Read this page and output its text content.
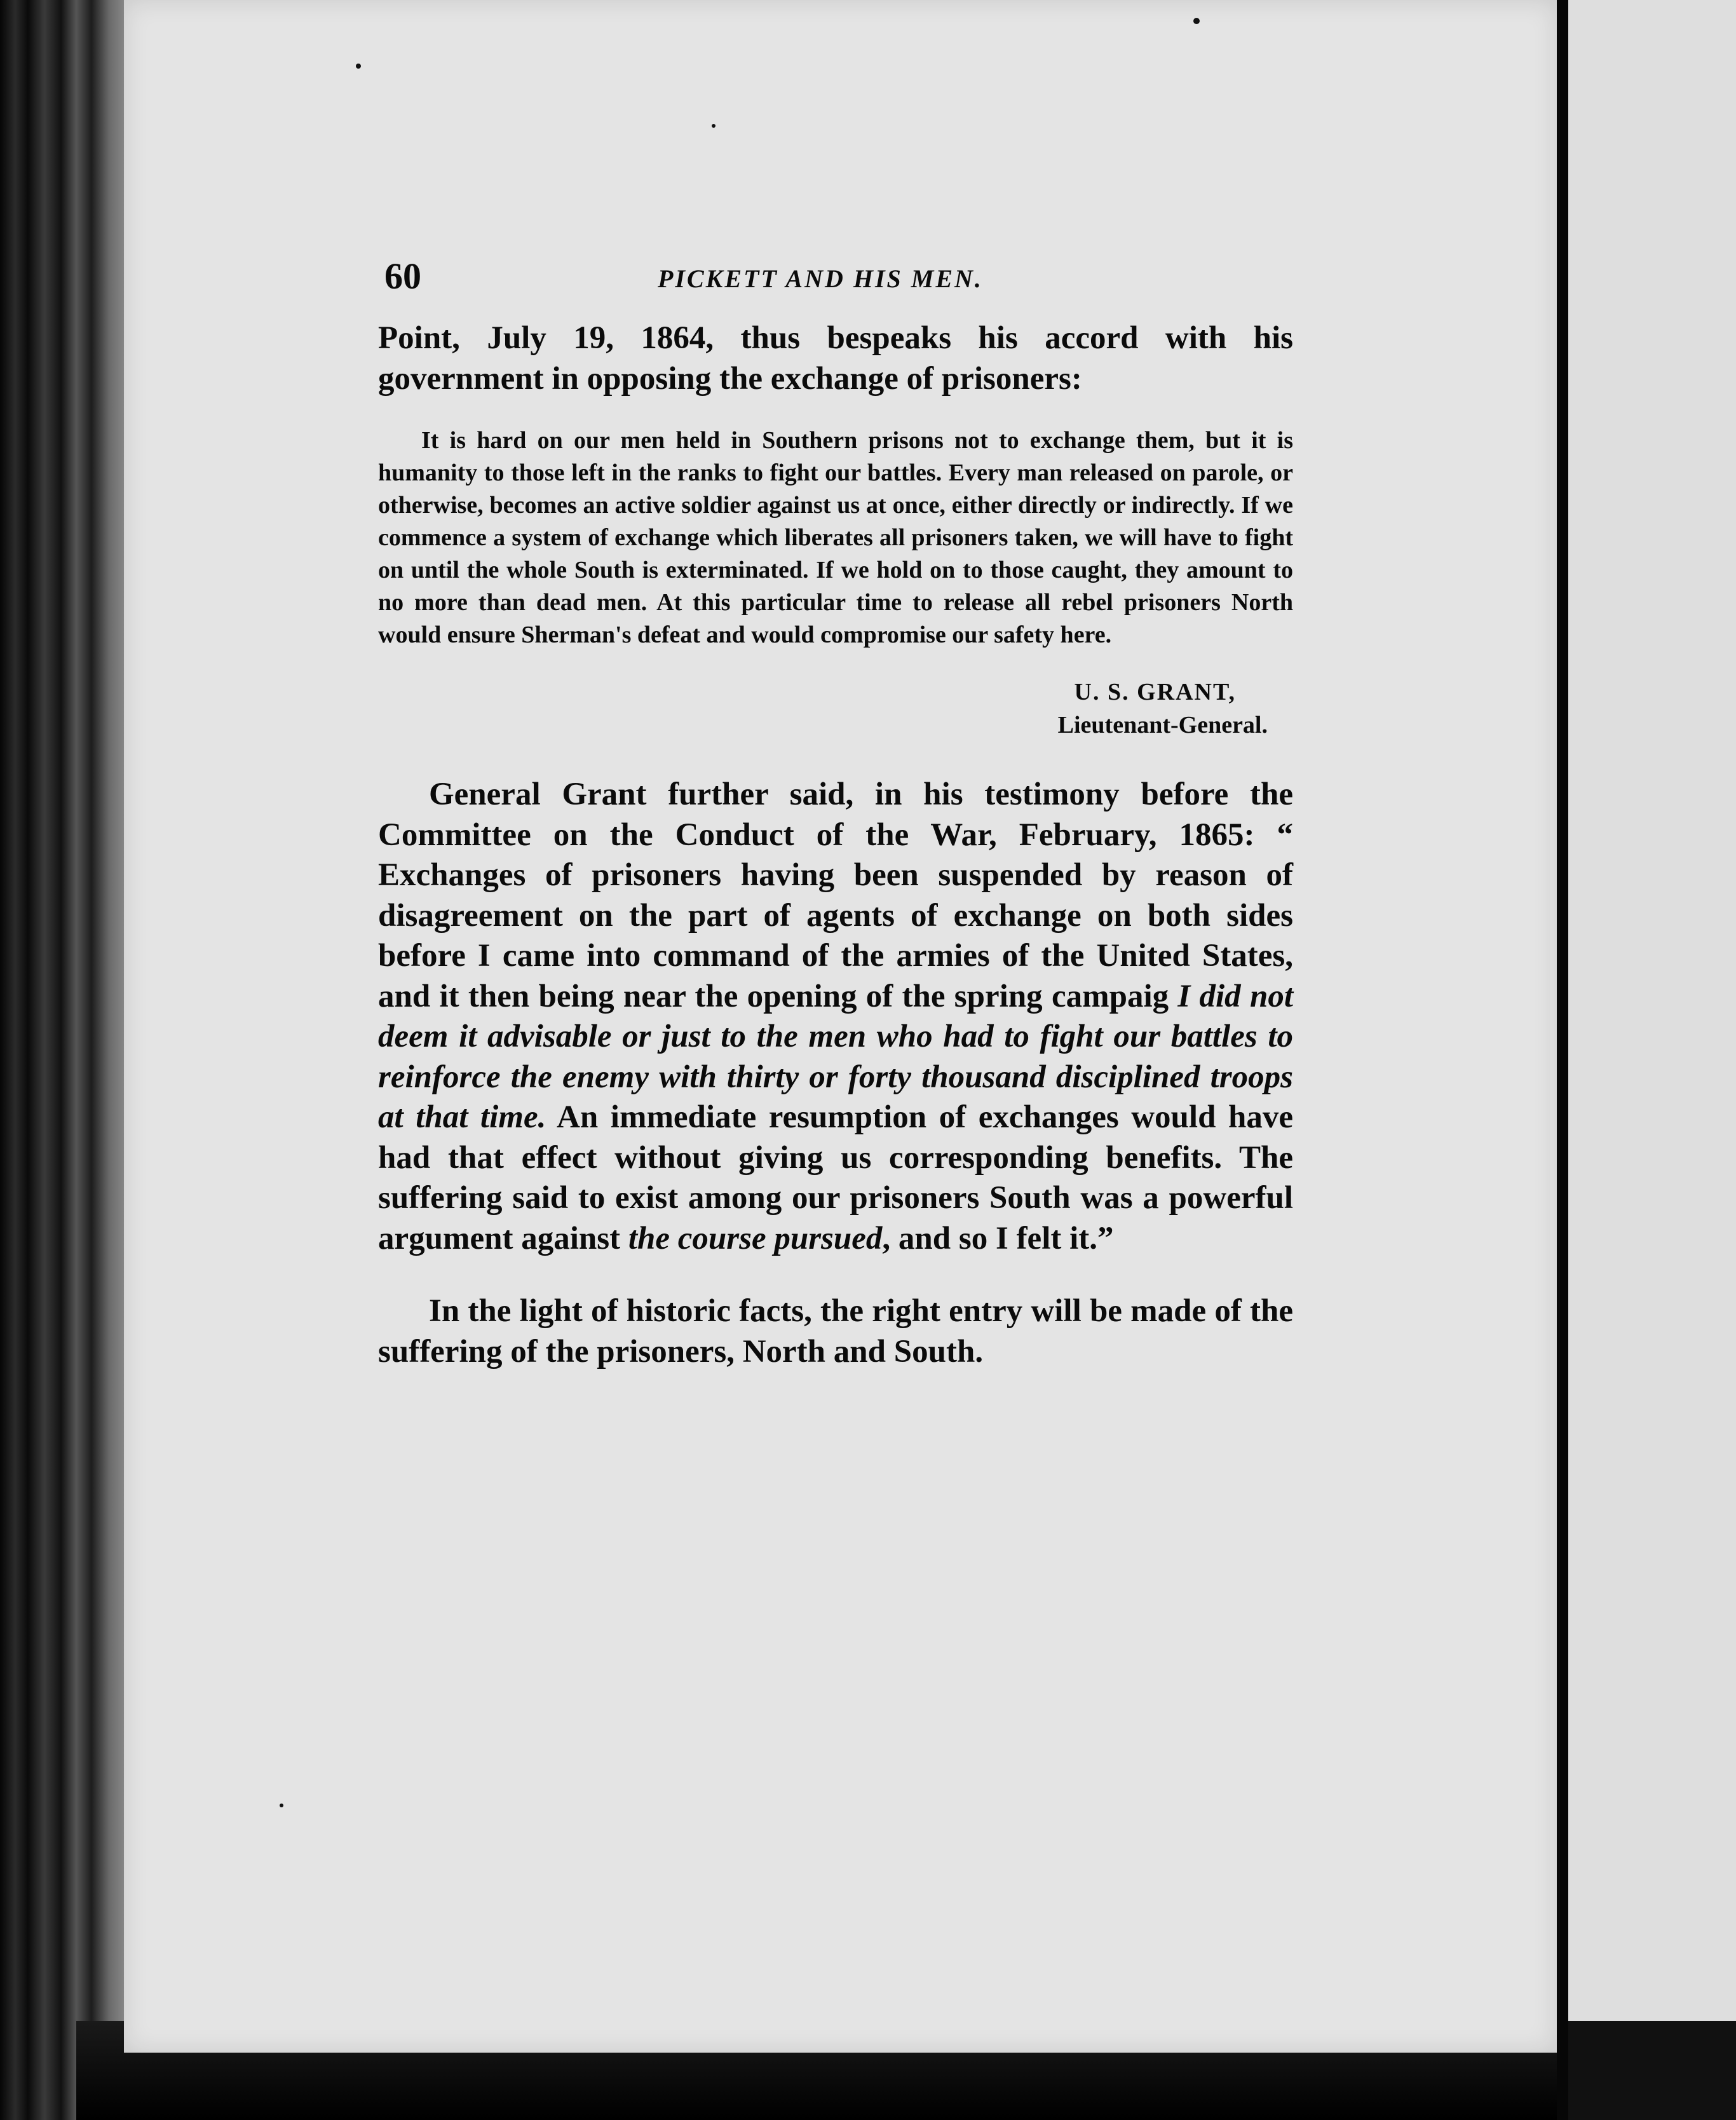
60	PICKETT AND HIS MEN.

Point, July 19, 1864, thus bespeaks his accord with his government in opposing the exchange of prisoners:

It is hard on our men held in Southern prisons not to exchange them, but it is humanity to those left in the ranks to fight our battles. Every man released on parole, or otherwise, becomes an active soldier against us at once, either directly or indirectly. If we commence a system of exchange which liberates all prisoners taken, we will have to fight on until the whole South is exterminated. If we hold on to those caught, they amount to no more than dead men. At this particular time to release all rebel prisoners North would ensure Sherman's defeat and would compromise our safety here.

U. S. GRANT,
Lieutenant-General.

General Grant further said, in his testimony before the Committee on the Conduct of the War, February, 1865: “ Exchanges of prisoners having been suspended by reason of disagreement on the part of agents of exchange on both sides before I came into command of the armies of the United States, and it then being near the opening of the spring campaig I did not deem it advisable or just to the men who had to fight our battles to reinforce the enemy with thirty or forty thousand disciplined troops at that time. An immediate resumption of exchanges would have had that effect without giving us corresponding benefits. The suffering said to exist among our prisoners South was a powerful argument against the course pursued, and so I felt it.”

In the light of historic facts, the right entry will be made of the suffering of the prisoners, North and South.
